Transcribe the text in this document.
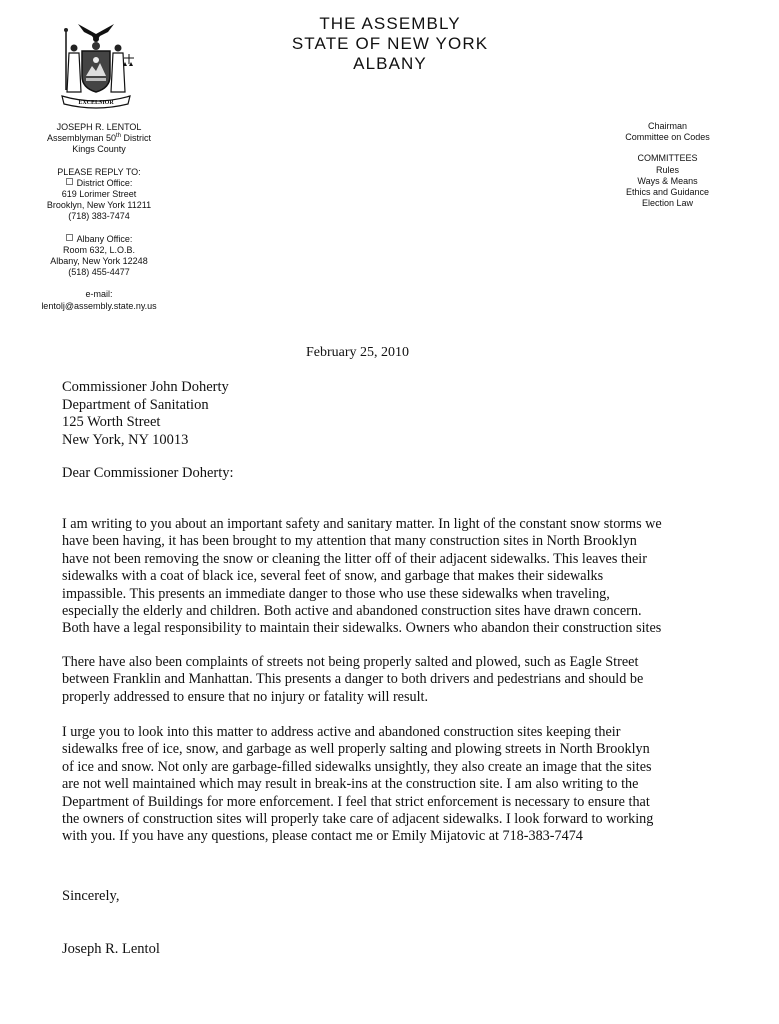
EXCELSIOR
THE ASSEMBLY
STATE OF NEW YORK
ALBANY
JOSEPH R. LENTOL
Assemblyman 50th District
Kings County
PLEASE REPLY TO:
District Office:
619 Lorimer Street
Brooklyn, New York 11211
(718) 383-7474
Albany Office:
Room 632, L.O.B.
Albany, New York 12248
(518) 455-4477
e-mail:
lentolj@assembly.state.ny.us
Chairman
Committee on Codes
COMMITTEES
Rules
Ways & Means
Ethics and Guidance
Election Law
February 25, 2010
Commissioner John Doherty
Department of Sanitation
125 Worth Street
New York, NY 10013
Dear Commissioner Doherty:
I am writing to you about an important safety and sanitary matter. In light of the constant snow storms we
have been having, it has been brought to my attention that many construction sites in North Brooklyn
have not been removing the snow or cleaning the litter off of their adjacent sidewalks. This leaves their
sidewalks with a coat of black ice, several feet of snow, and garbage that makes their sidewalks
impassible. This presents an immediate danger to those who use these sidewalks when traveling,
especially the elderly and children. Both active and abandoned construction sites have drawn concern.
Both have a legal responsibility to maintain their sidewalks. Owners who abandon their construction sites
There have also been complaints of streets not being properly salted and plowed, such as Eagle Street
between Franklin and Manhattan. This presents a danger to both drivers and pedestrians and should be
properly addressed to ensure that no injury or fatality will result.
I urge you to look into this matter to address active and abandoned construction sites keeping their
sidewalks free of ice, snow, and garbage as well properly salting and plowing streets in North Brooklyn
of ice and snow. Not only are garbage-filled sidewalks unsightly, they also create an image that the sites
are not well maintained which may result in break-ins at the construction site. I am also writing to the
Department of Buildings for more enforcement. I feel that strict enforcement is necessary to ensure that
the owners of construction sites will properly take care of adjacent sidewalks. I look forward to working
with you. If you have any questions, please contact me or Emily Mijatovic at 718-383-7474
Sincerely,
Joseph R. Lentol
